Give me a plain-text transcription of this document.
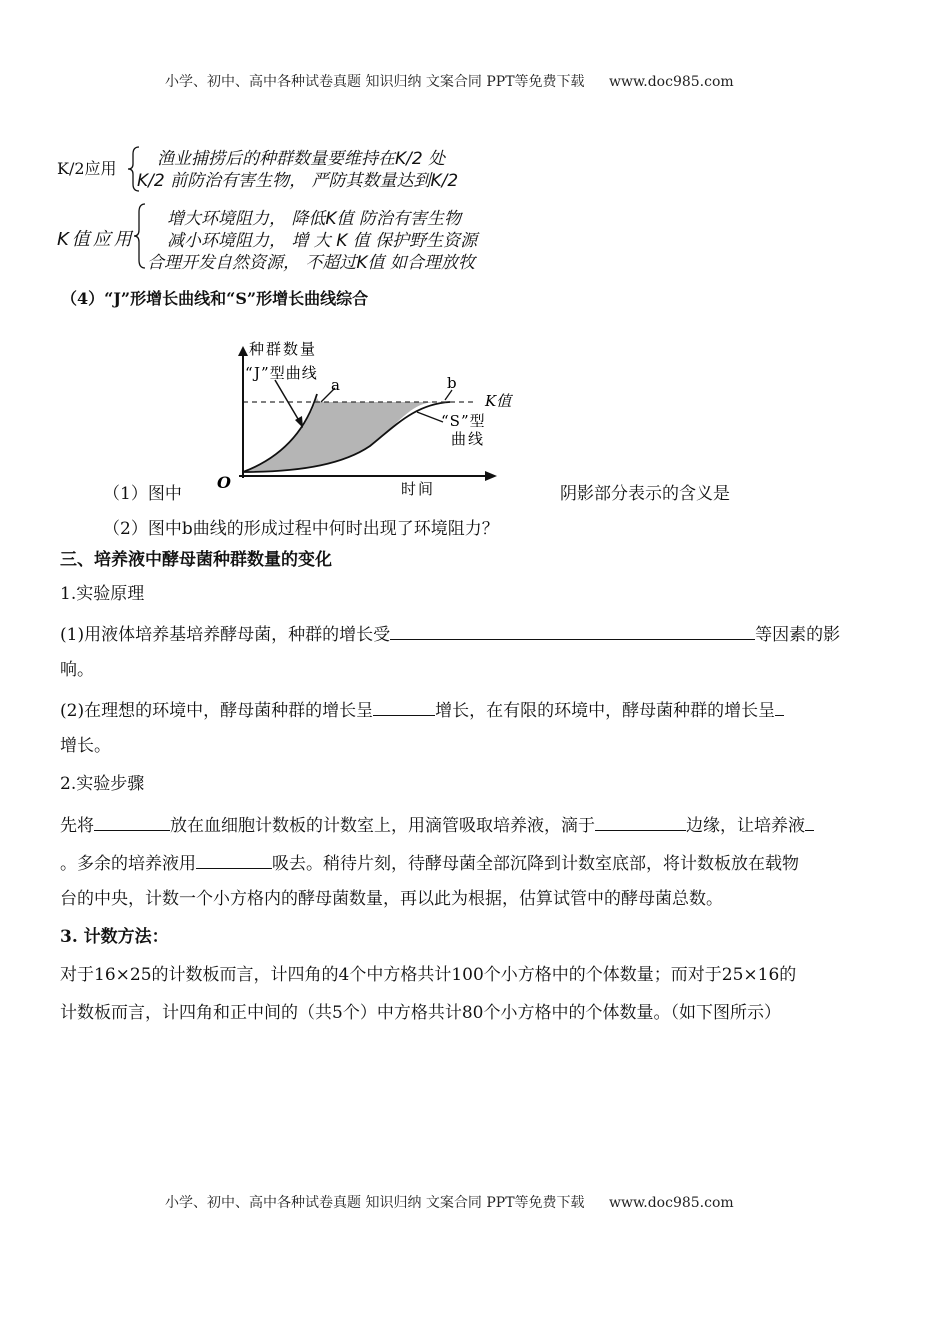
小学、初中、高中各种试卷真题 知识归纳 文案合同 PPT等免费下载 www.doc985.com
K/2应用 渔业捕捞后的种群数量要维持在K/2 处
K/2 前防治有害生物， 严防其数量达到K/2
K值应用
增大环境阻力， 降低K值 防治有害生物
减小环境阻力， 增 大 K 值 保护野生资源
合理开发自然资源， 不超过K值 如合理放牧
（4）“J”形增长曲线和“S”形增长曲线综合
种群数量
“J”型曲线
a	b
K值
“S”型
曲线
O	时间
（1）图中	阴影部分表示的含义是
（2）图中b曲线的形成过程中何时出现了环境阻力？
三、培养液中酵母菌种群数量的变化
1.实验原理
(1)用液体培养基培养酵母菌，种群的增长受	等因素的影
响。
(2)在理想的环境中，酵母菌种群的增长呈	增长，在有限的环境中，酵母菌种群的增长呈
增长。
2.实验步骤
先将	放在血细胞计数板的计数室上，用滴管吸取培养液，滴于	边缘，让培养液
。多余的培养液用	吸去。稍待片刻，待酵母菌全部沉降到计数室底部，将计数板放在载物
台的中央，计数一个小方格内的酵母菌数量，再以此为根据，估算试管中的酵母菌总数。
3. 计数方法：
对于16×25的计数板而言，计四角的4个中方格共计100个小方格中的个体数量；而对于25×16的
计数板而言，计四角和正中间的（共5个）中方格共计80个小方格中的个体数量。（如下图所示）
小学、初中、高中各种试卷真题 知识归纳 文案合同 PPT等免费下载 www.doc985.com
